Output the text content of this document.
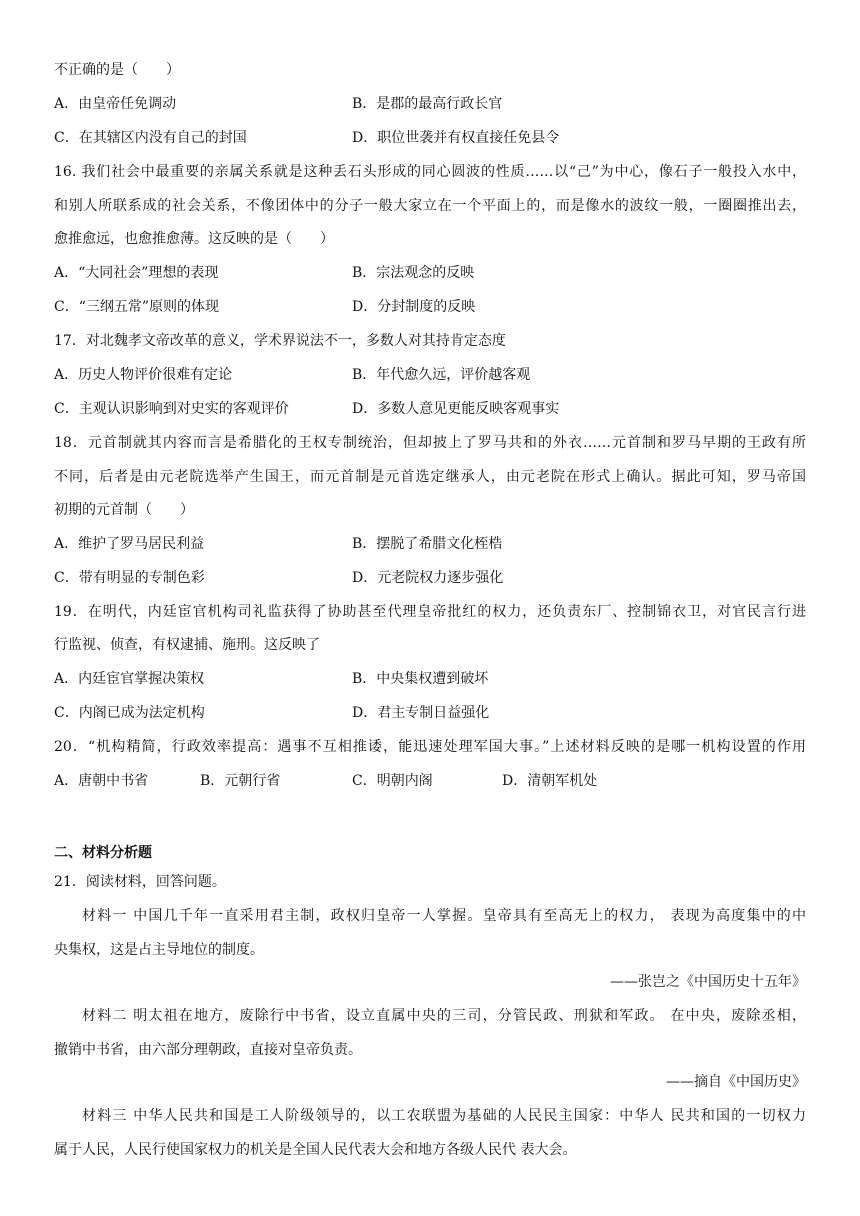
不正确的是（　　）
A．由皇帝任免调动	B．是郡的最高行政长官
C．在其辖区内没有自己的封国	D．职位世袭并有权直接任免县令
16. 我们社会中最重要的亲属关系就是这种丢石头形成的同心圆波的性质……以“己”为中心，像石子一般投入水中，
和别人所联系成的社会关系，不像团体中的分子一般大家立在一个平面上的，而是像水的波纹一般，一圈圈推出去，
愈推愈远，也愈推愈薄。这反映的是（　　）
A．“大同社会”理想的表现	B．宗法观念的反映
C．“三纲五常”原则的体现	D．分封制度的反映
17．对北魏孝文帝改革的意义，学术界说法不一，多数人对其持肯定态度
A．历史人物评价很难有定论	B．年代愈久远，评价越客观
C．主观认识影响到对史实的客观评价	D．多数人意见更能反映客观事实
18．元首制就其内容而言是希腊化的王权专制统治，但却披上了罗马共和的外衣……元首制和罗马早期的王政有所
不同，后者是由元老院选举产生国王，而元首制是元首选定继承人，由元老院在形式上确认。据此可知，罗马帝国
初期的元首制（　　）
A．维护了罗马居民利益	B．摆脱了希腊文化桎梏
C．带有明显的专制色彩	D．元老院权力逐步强化
19．在明代，内廷宦官机构司礼监获得了协助甚至代理皇帝批红的权力，还负责东厂、控制锦衣卫，对官民言行进
行监视、侦查，有权逮捕、施刑。这反映了
A．内廷宦官掌握决策权	B．中央集权遭到破坏
C．内阁已成为法定机构	D．君主专制日益强化
20．“机构精简，行政效率提高：遇事不互相推诿，能迅速处理军国大事。”上述材料反映的是哪一机构设置的作用
A．唐朝中书省	B．元朝行省	C．明朝内阁	D．清朝军机处
二、材料分析题
21．阅读材料，回答问题。
材料一 中国几千年一直采用君主制，政权归皇帝一人掌握。皇帝具有至高无上的权力， 表现为高度集中的中
央集权，这是占主导地位的制度。
——张岂之《中国历史十五年》
材料二 明太祖在地方，废除行中书省，设立直属中央的三司，分管民政、刑狱和军政。 在中央，废除丞相，
撤销中书省，由六部分理朝政，直接对皇帝负责。
——摘自《中国历史》
材料三 中华人民共和国是工人阶级领导的，以工农联盟为基础的人民民主国家：中华人 民共和国的一切权力
属于人民，人民行使国家权力的机关是全国人民代表大会和地方各级人民代 表大会。
